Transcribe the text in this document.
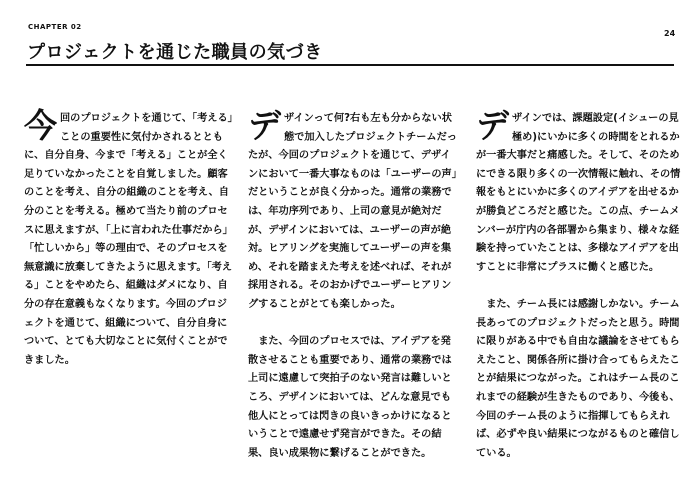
CHAPTER 02
24
プロジェクトを通じた職員の気づき

今回のプロジェクトを通じて、「考える」ことの重要性に気付かされるとともに、自分自身、今まで「考える」ことが全く足りていなかったことを自覚しました。顧客のことを考え、自分の組織のことを考え、自分のことを考える。極めて当たり前のプロセスに思えますが、「上に言われた仕事だから」「忙しいから」等の理由で、そのプロセスを無意識に放棄してきたように思えます。「考える」ことをやめたら、組織はダメになり、自分の存在意義もなくなります。今回のプロジェクトを通じて、組織について、自分自身について、とても大切なことに気付くことができました。

デザインって何?右も左も分からない状態で加入したプロジェクトチームだったが、今回のプロジェクトを通じて、デザインにおいて一番大事なものは「ユーザーの声」だということが良く分かった。通常の業務では、年功序列であり、上司の意見が絶対だが、デザインにおいては、ユーザーの声が絶対。ヒアリングを実施してユーザーの声を集め、それを踏まえた考えを述べれば、それが採用される。そのおかげでユーザーヒアリングすることがとても楽しかった。

また、今回のプロセスでは、アイデアを発散させることも重要であり、通常の業務では上司に遠慮して突拍子のない発言は難しいところ、デザインにおいては、どんな意見でも他人にとっては閃きの良いきっかけになるということで遠慮せず発言ができた。その結果、良い成果物に繋げることができた。

デザインでは、課題設定(イシューの見極め)にいかに多くの時間をとれるかが一番大事だと痛感した。そして、そのためにできる限り多くの一次情報に触れ、その情報をもとにいかに多くのアイデアを出せるかが勝負どころだと感じた。この点、チームメンバーが庁内の各部署から集まり、様々な経験を持っていたことは、多様なアイデアを出すことに非常にプラスに働くと感じた。

また、チーム長には感謝しかない。チーム長あってのプロジェクトだったと思う。時間に限りがある中でも自由な議論をさせてもらえたこと、関係各所に掛け合ってもらえたことが結果につながった。これはチーム長のこれまでの経験が生きたものであり、今後も、今回のチーム長のように指揮してもらえれば、必ずや良い結果につながるものと確信している。
